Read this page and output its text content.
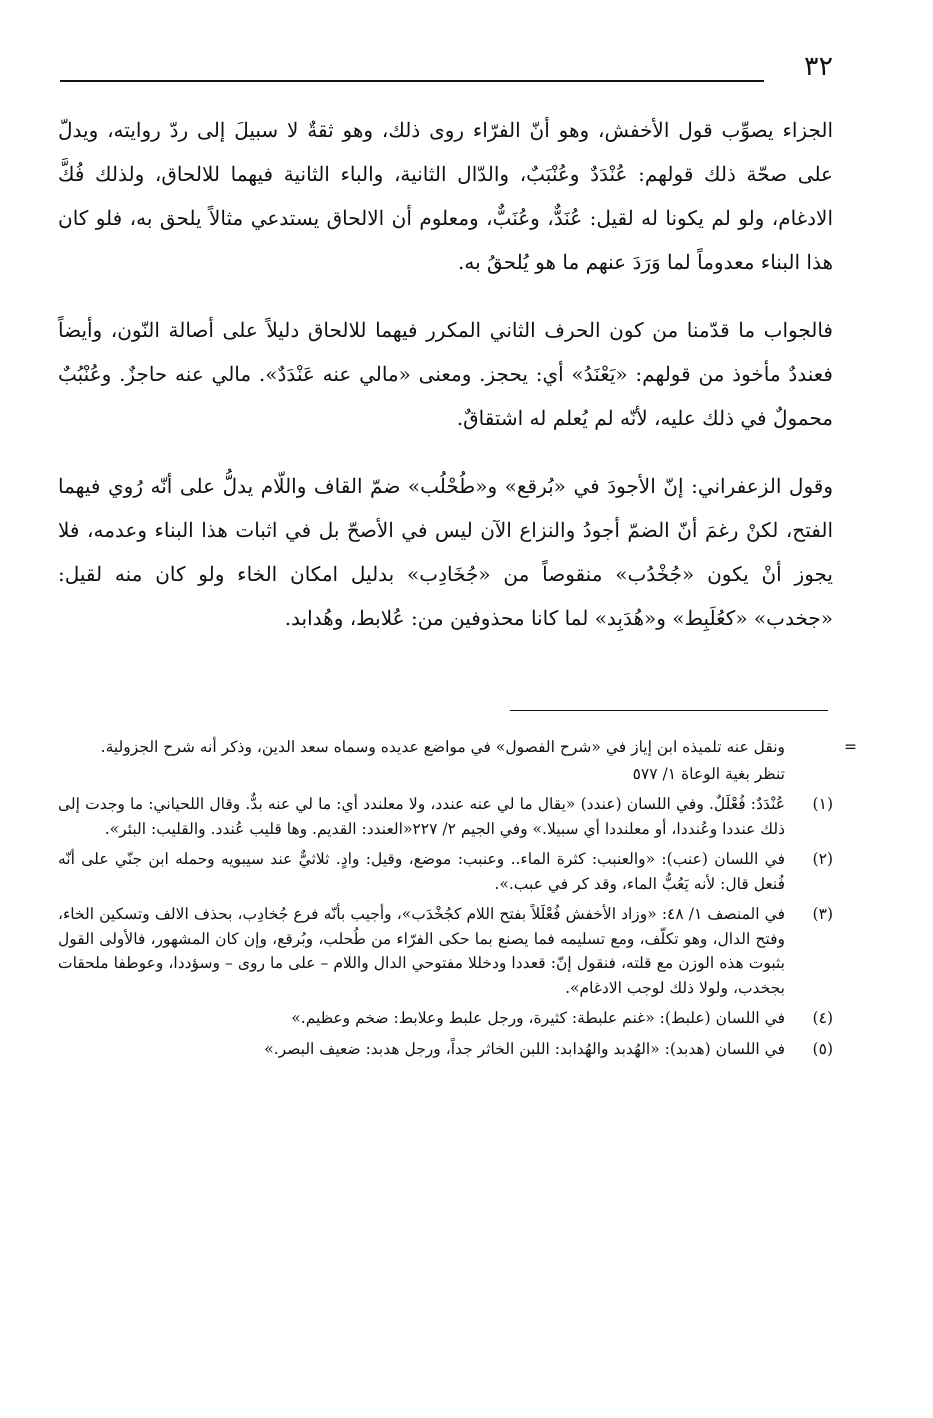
٣٢

الجزاء يصوِّب قول الأخفش، وهو أنّ الفرّاء روى ذلك، وهو ثقةٌ لا سبيلَ إلى ردّ روايته، ويدلّ على صحّة ذلك قولهم: عُنْدَدٌ وعُنْبَبٌ، والدّال الثانية، والباء الثانية فيهما للالحاق، ولذلك فُكَّ الادغام، ولو لم يكونا له لقيل: عُنَدٌّ، وعُنَبٌّ، ومعلوم أن الالحاق يستدعي مثالاً يلحق به، فلو كان هذا البناء معدوماً لما وَرَدَ عنهم ما هو يُلحقُ به.

فالجواب ما قدّمنا من كون الحرف الثاني المكرر فيهما للالحاق دليلاً على أصالة النّون، وأيضاً فعنددٌ مأخوذ من قولهم: «يَعْنَدُ» أي: يحجز. ومعنى «مالي عنه عَنْدَدٌ». مالي عنه حاجزٌ. وعُنْبُبٌ محمولٌ في ذلك عليه، لأنّه لم يُعلم له اشتقاقٌ.

وقول الزعفراني: إنّ الأجودَ في «بُرقع» و«طُحْلُب» ضمّ القاف واللّام يدلُّ على أنّه رُوي فيهما الفتح، لكنْ رغمَ أنّ الضمّ أجودُ والنزاع الآن ليس في الأصحّ بل في اثبات هذا البناء وعدمه، فلا يجوز أنْ يكون «جُخْدُب» منقوصاً من «جُخَادِب» بدليل امكان الخاء ولو كان منه لقيل: «جخدب» «كعُلَبِط» و«هُدَبِد» لما كانا محذوفين من: عُلابط، وهُدابد.

=
ونقل عنه تلميذه ابن إياز في «شرح الفصول» في مواضع عديده وسماه سعد الدين، وذكر أنه شرح الجزولية.
تنظر بغية الوعاة ١/ ٥٧٧
(١)
عُنْدَدٌ: فُعْلَلٌ. وفي اللسان (عندد) «يقال ما لي عنه عندد، ولا معلندد أي: ما لي عنه بدٌّ. وقال اللحياني: ما وجدت إلى ذلك عنددا وعُنددا، أو معلنددا أي سبيلا.» وفي الجيم ٢/ ٢٢٧«العندد: القديم. وها قليب عُندد. والقليب: البئر».
(٢)
في اللسان (عنب): «والعنبب: كثرة الماء.. وعنبب: موضع، وقيل: وادٍ. ثلاثيٌّ عند سيبويه وحمله ابن جنّي على أنّه فُنعل قال: لأنه يَعُبُّ الماء، وقد كر في عبب.».
(٣)
في المنصف ١/ ٤٨: «وزاد الأخفش فُعْلَلاً بفتح اللام كجُخْدَب»، وأجيب بأنّه فرع جُخادِب، بحذف الالف وتسكين الخاء، وفتح الدال، وهو تكلّف، ومع تسليمه فما يصنع بما حكى الفرّاء من طُحلب، وبُرقع، وإن كان المشهور، فالأولى القول بثبوت هذه الوزن مع قلته، فنقول إنّ: قعددا ودخللا مفتوحي الدال واللام – على ما روى – وسؤددا، وعوطفا ملحقات بجخدب، ولولا ذلك لوجب الادغام».
(٤)
في اللسان (علبط): «غنم علبطة: كثيرة، ورجل علبط وعلابط: ضخم وعظيم.»
(٥)
في اللسان (هدبد): «الهُدبد والهُدابد: اللبن الخاثر جداً، ورجل هدبد: ضعيف البصر.»
